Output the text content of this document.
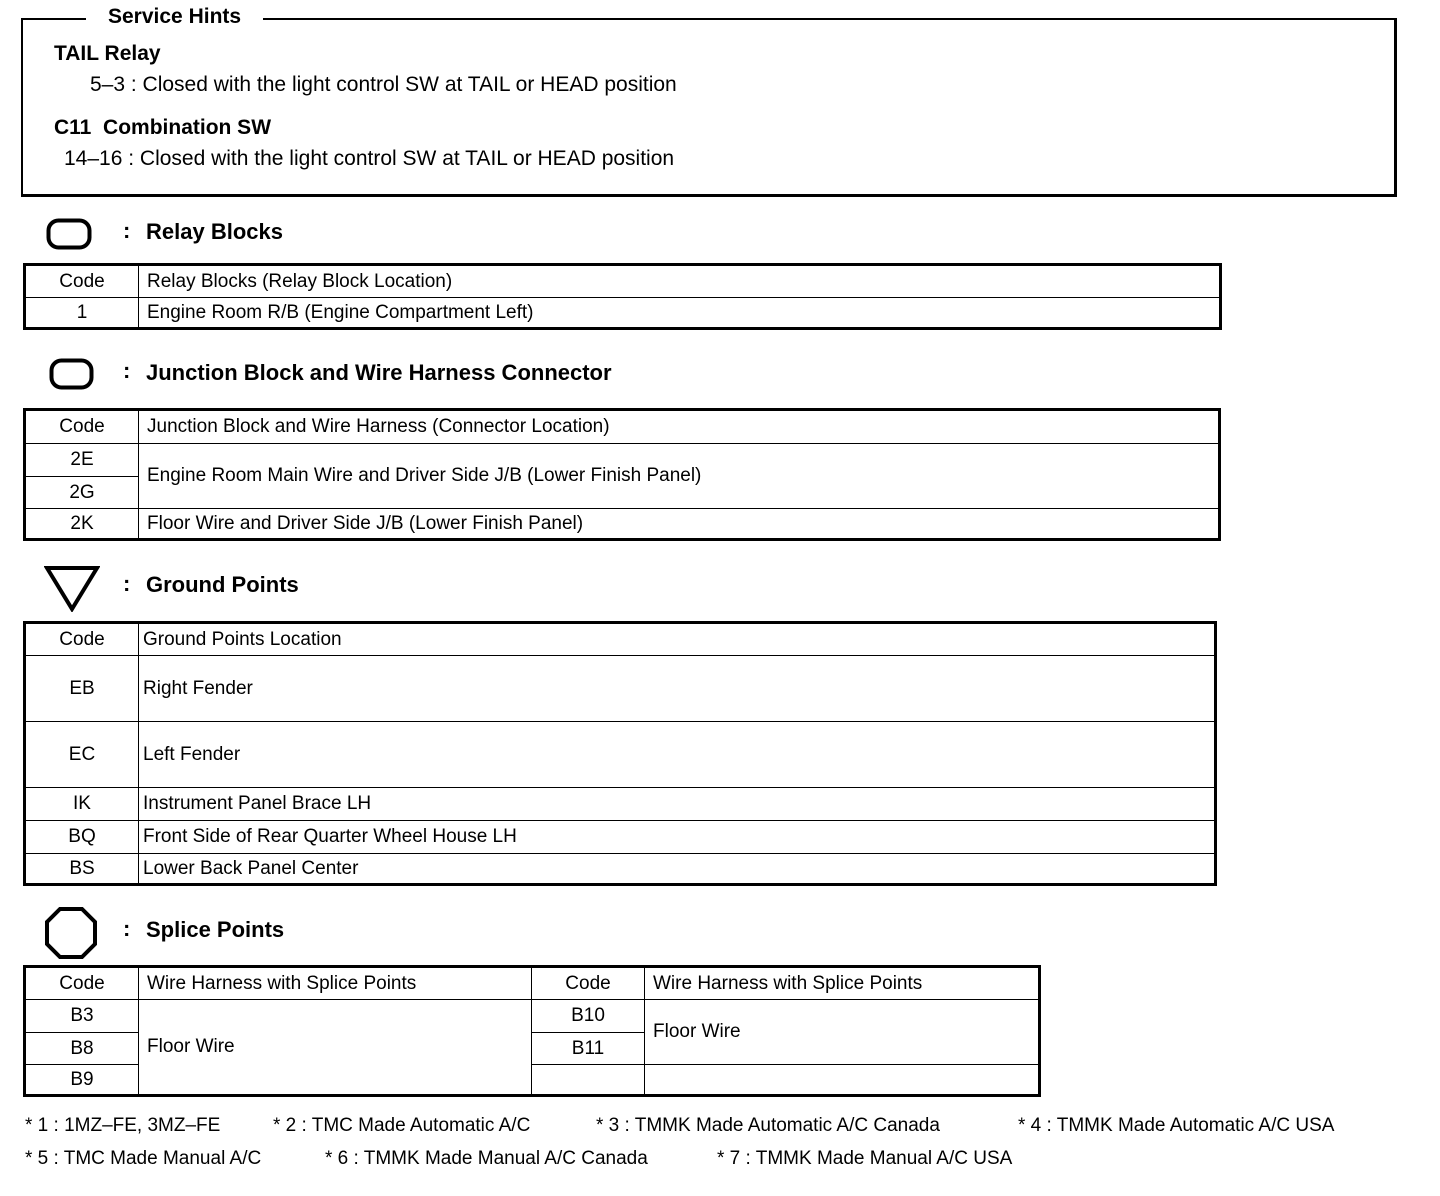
Service Hints
TAIL Relay
5–3 : Closed with the light control SW at TAIL or HEAD position
C11  Combination SW
14–16 : Closed with the light control SW at TAIL or HEAD position
: Relay Blocks
Code	Relay Blocks (Relay Block Location)
1	Engine Room R/B (Engine Compartment Left)
: Junction Block and Wire Harness Connector
Code	Junction Block and Wire Harness (Connector Location)
2E	Engine Room Main Wire and Driver Side J/B (Lower Finish Panel)
2G	
2K	Floor Wire and Driver Side J/B (Lower Finish Panel)
: Ground Points
Code	Ground Points Location
EB	Right Fender
EC	Left Fender
IK	Instrument Panel Brace LH
BQ	Front Side of Rear Quarter Wheel House LH
BS	Lower Back Panel Center
: Splice Points
Code	Wire Harness with Splice Points	Code	Wire Harness with Splice Points
B3	Floor Wire	B10	Floor Wire
B8		B11	
B9			
* 1 : 1MZ–FE, 3MZ–FE	* 2 : TMC Made Automatic A/C	* 3 : TMMK Made Automatic A/C Canada	* 4 : TMMK Made Automatic A/C USA
* 5 : TMC Made Manual A/C	* 6 : TMMK Made Manual A/C Canada	* 7 : TMMK Made Manual A/C USA
